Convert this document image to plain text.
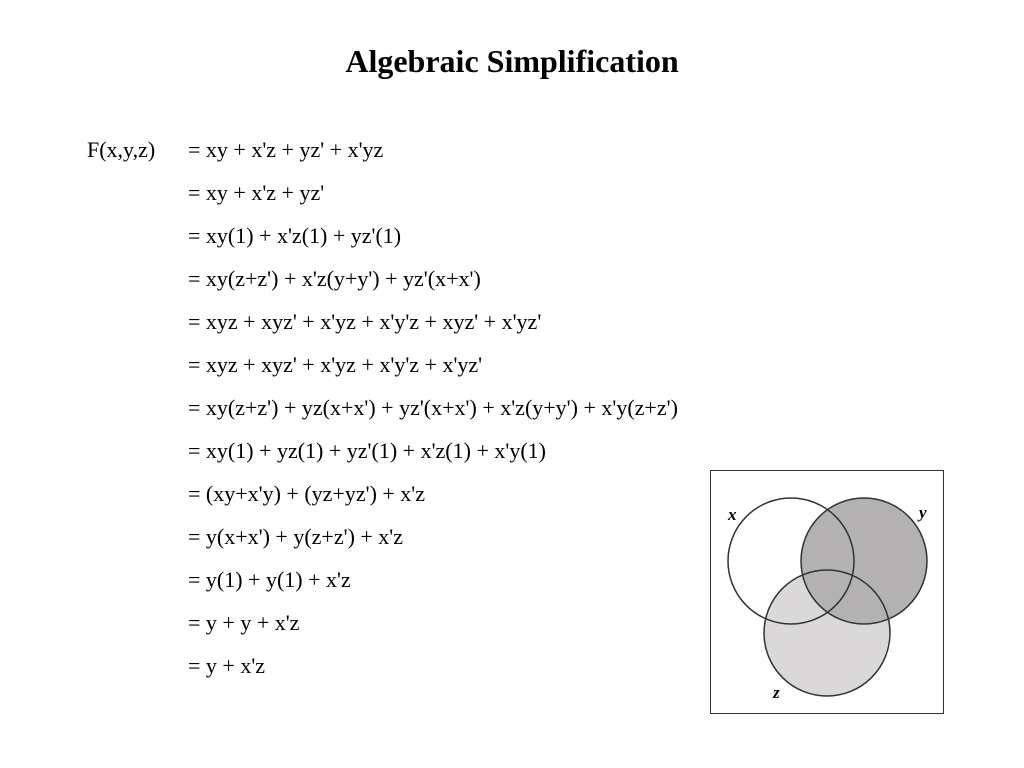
Algebraic Simplification
F(x,y,z) = xy + x'z + yz' + x'yz
= xy + x'z + yz'
= xy(1) + x'z(1) + yz'(1)
= xy(z+z') + x'z(y+y') + yz'(x+x')
= xyz + xyz' + x'yz + x'y'z + xyz' + x'yz'
= xyz + xyz' + x'yz + x'y'z + x'yz'
= xy(z+z') + yz(x+x') + yz'(x+x') + x'z(y+y') + x'y(z+z')
= xy(1) + yz(1) + yz'(1) + x'z(1) + x'y(1)
= (xy+x'y) + (yz+yz') + x'z
= y(x+x') + y(z+z') + x'z
= y(1) + y(1) + x'z
= y + y + x'z
= y + x'z
x	y
z
